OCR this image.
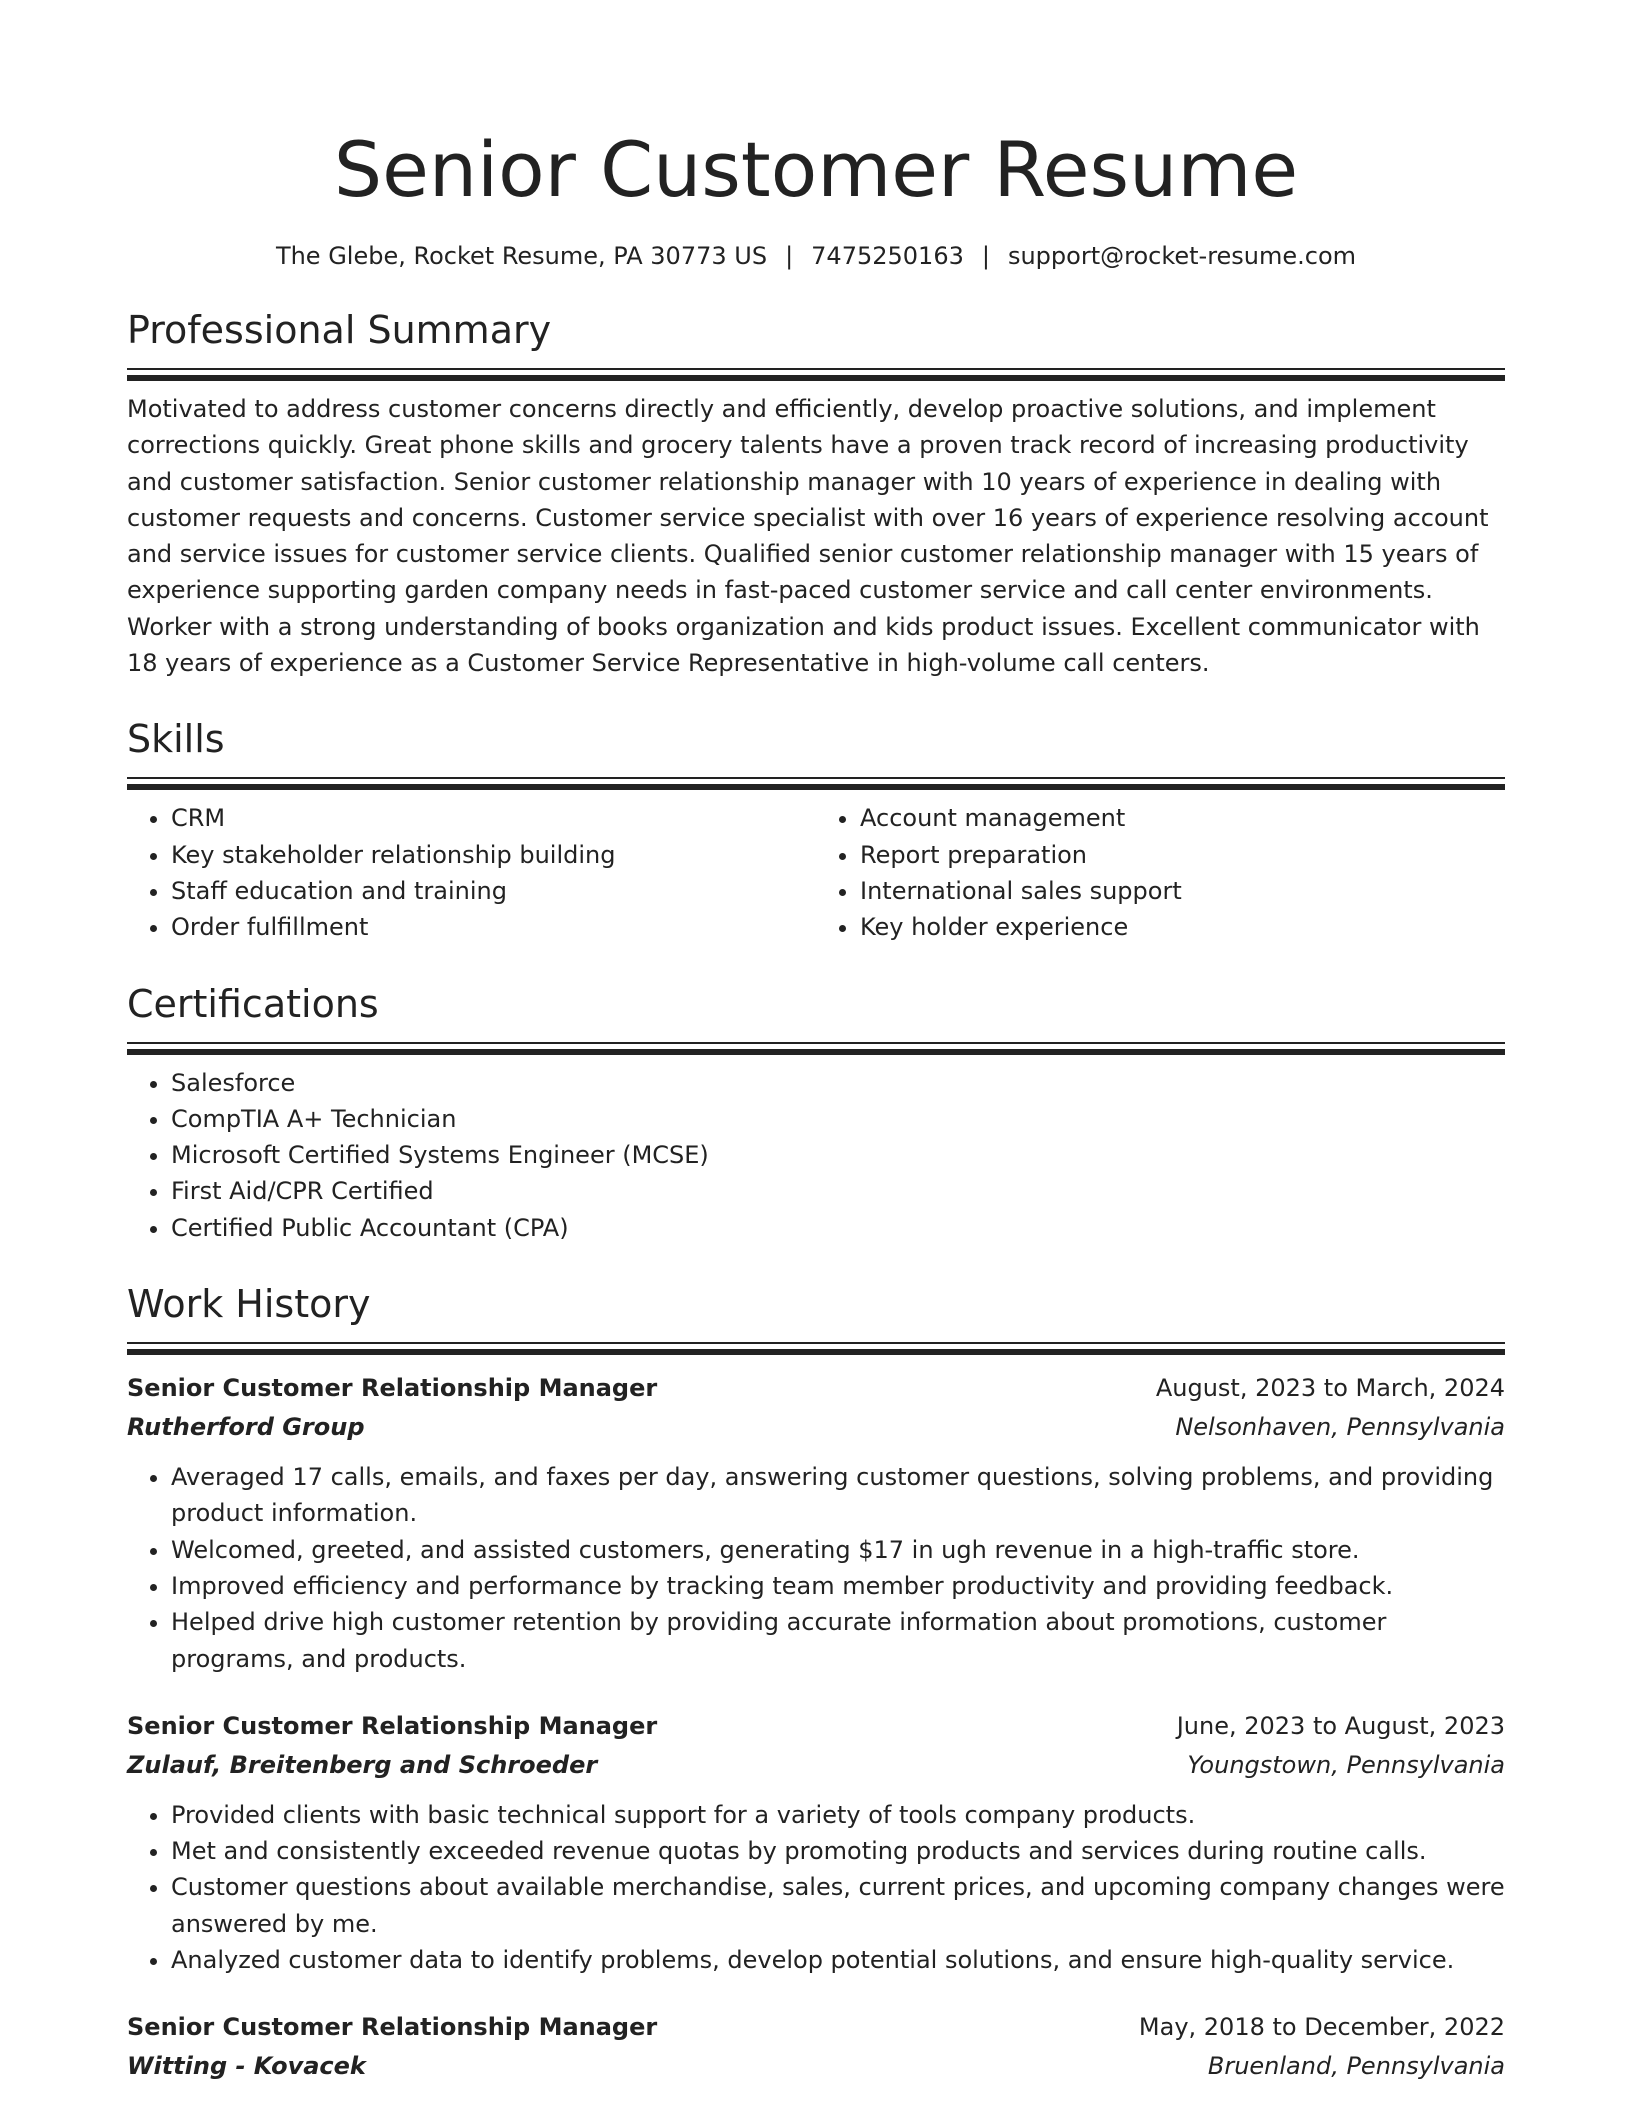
Senior Customer Resume
The Glebe, Rocket Resume, PA 30773 US | 7475250163 | support@rocket-resume.com
Professional Summary

Motivated to address customer concerns directly and efficiently, develop proactive solutions, and implement corrections quickly. Great phone skills and grocery talents have a proven track record of increasing productivity and customer satisfaction. Senior customer relationship manager with 10 years of experience in dealing with customer requests and concerns. Customer service specialist with over 16 years of experience resolving account and service issues for customer service clients. Qualified senior customer relationship manager with 15 years of experience supporting garden company needs in fast-paced customer service and call center environments. Worker with a strong understanding of books organization and kids product issues. Excellent communicator with 18 years of experience as a Customer Service Representative in high-volume call centers.

Skills
• CRM
• Key stakeholder relationship building
• Staff education and training
• Order fulfillment
• Account management
• Report preparation
• International sales support
• Key holder experience
Certifications
• Salesforce
• CompTIA A+ Technician
• Microsoft Certified Systems Engineer (MCSE)
• First Aid/CPR Certified
• Certified Public Accountant (CPA)
Work History
Senior Customer Relationship Manager	August, 2023 to March, 2024
Rutherford Group	Nelsonhaven, Pennsylvania
• Averaged 17 calls, emails, and faxes per day, answering customer questions, solving problems, and providing product information.
• Welcomed, greeted, and assisted customers, generating $17 in ugh revenue in a high-traffic store.
• Improved efficiency and performance by tracking team member productivity and providing feedback.
• Helped drive high customer retention by providing accurate information about promotions, customer programs, and products.
Senior Customer Relationship Manager	June, 2023 to August, 2023
Zulauf, Breitenberg and Schroeder	Youngstown, Pennsylvania
• Provided clients with basic technical support for a variety of tools company products.
• Met and consistently exceeded revenue quotas by promoting products and services during routine calls.
• Customer questions about available merchandise, sales, current prices, and upcoming company changes were answered by me.
• Analyzed customer data to identify problems, develop potential solutions, and ensure high-quality service.
Senior Customer Relationship Manager	May, 2018 to December, 2022
Witting - Kovacek	Bruenland, Pennsylvania
